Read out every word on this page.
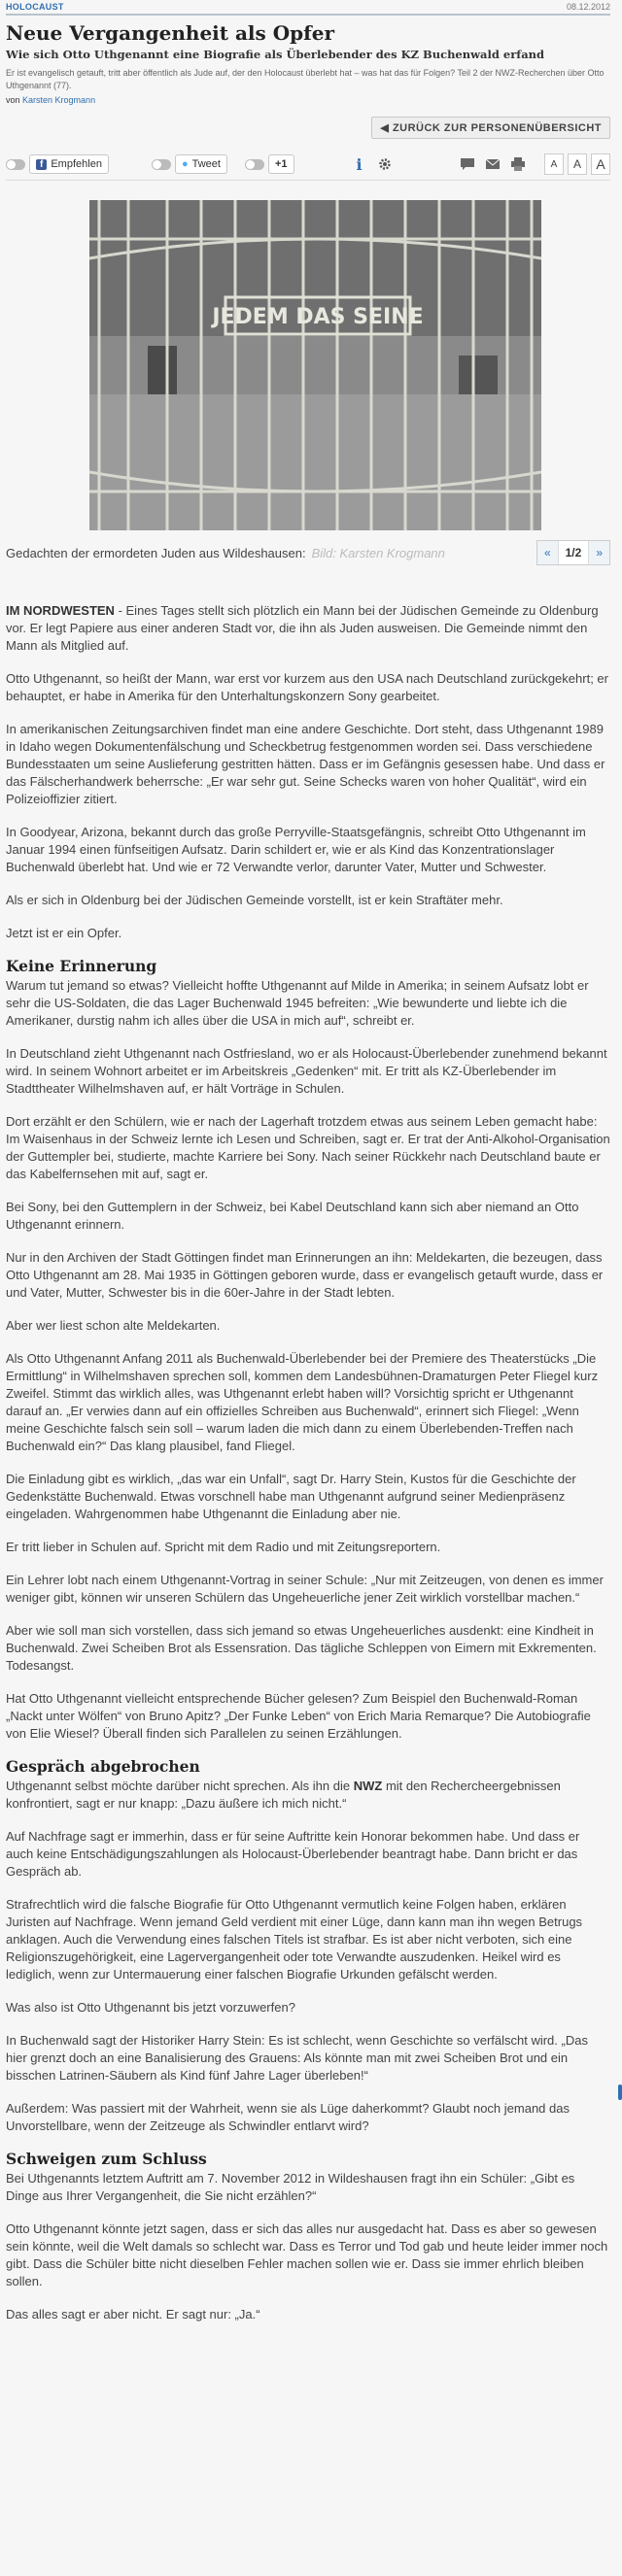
HOLOCAUST	08.12.2012
Neue Vergangenheit als Opfer
Wie sich Otto Uthgenannt eine Biografie als Überlebender des KZ Buchenwald erfand
Er ist evangelisch getauft, tritt aber öffentlich als Jude auf, der den Holocaust überlebt hat – was hat das für Folgen? Teil 2 der NWZ-Recherchen über Otto Uthgenannt (77).
von Karsten Krogmann
◀ ZURÜCK ZUR PERSONENÜBERSICHT
f Empfehlen	● Tweet	+1	i	A	A	A
JEDEM DAS SEINE
Gedachten der ermordeten Juden aus Wildeshausen: Bild: Karsten Krogmann	«	1/2	»

IM NORDWESTEN - Eines Tages stellt sich plötzlich ein Mann bei der Jüdischen Gemeinde zu Oldenburg vor. Er legt Papiere aus einer anderen Stadt vor, die ihn als Juden ausweisen. Die Gemeinde nimmt den Mann als Mitglied auf.

Otto Uthgenannt, so heißt der Mann, war erst vor kurzem aus den USA nach Deutschland zurückgekehrt; er behauptet, er habe in Amerika für den Unterhaltungskonzern Sony gearbeitet.

In amerikanischen Zeitungsarchiven findet man eine andere Geschichte. Dort steht, dass Uthgenannt 1989 in Idaho wegen Dokumentenfälschung und Scheckbetrug festgenommen worden sei. Dass verschiedene Bundesstaaten um seine Auslieferung gestritten hätten. Dass er im Gefängnis gesessen habe. Und dass er das Fälscherhandwerk beherrsche: „Er war sehr gut. Seine Schecks waren von hoher Qualität“, wird ein Polizeioffizier zitiert.

In Goodyear, Arizona, bekannt durch das große Perryville-Staatsgefängnis, schreibt Otto Uthgenannt im Januar 1994 einen fünfseitigen Aufsatz. Darin schildert er, wie er als Kind das Konzentrationslager Buchenwald überlebt hat. Und wie er 72 Verwandte verlor, darunter Vater, Mutter und Schwester.

Als er sich in Oldenburg bei der Jüdischen Gemeinde vorstellt, ist er kein Straftäter mehr.

Jetzt ist er ein Opfer.

Keine Erinnerung

Warum tut jemand so etwas? Vielleicht hoffte Uthgenannt auf Milde in Amerika; in seinem Aufsatz lobt er sehr die US-Soldaten, die das Lager Buchenwald 1945 befreiten: „Wie bewunderte und liebte ich die Amerikaner, durstig nahm ich alles über die USA in mich auf“, schreibt er.

In Deutschland zieht Uthgenannt nach Ostfriesland, wo er als Holocaust-Überlebender zunehmend bekannt wird. In seinem Wohnort arbeitet er im Arbeitskreis „Gedenken“ mit. Er tritt als KZ-Überlebender im Stadttheater Wilhelmshaven auf, er hält Vorträge in Schulen.

Dort erzählt er den Schülern, wie er nach der Lagerhaft trotzdem etwas aus seinem Leben gemacht habe: Im Waisenhaus in der Schweiz lernte ich Lesen und Schreiben, sagt er. Er trat der Anti-Alkohol-Organisation der Guttempler bei, studierte, machte Karriere bei Sony. Nach seiner Rückkehr nach Deutschland baute er das Kabelfernsehen mit auf, sagt er.

Bei Sony, bei den Guttemplern in der Schweiz, bei Kabel Deutschland kann sich aber niemand an Otto Uthgenannt erinnern.

Nur in den Archiven der Stadt Göttingen findet man Erinnerungen an ihn: Meldekarten, die bezeugen, dass Otto Uthgenannt am 28. Mai 1935 in Göttingen geboren wurde, dass er evangelisch getauft wurde, dass er und Vater, Mutter, Schwester bis in die 60er-Jahre in der Stadt lebten.

Aber wer liest schon alte Meldekarten.

Als Otto Uthgenannt Anfang 2011 als Buchenwald-Überlebender bei der Premiere des Theaterstücks „Die Ermittlung“ in Wilhelmshaven sprechen soll, kommen dem Landesbühnen-Dramaturgen Peter Fliegel kurz Zweifel. Stimmt das wirklich alles, was Uthgenannt erlebt haben will? Vorsichtig spricht er Uthgenannt darauf an. „Er verwies dann auf ein offizielles Schreiben aus Buchenwald“, erinnert sich Fliegel: „Wenn meine Geschichte falsch sein soll – warum laden die mich dann zu einem Überlebenden-Treffen nach Buchenwald ein?“ Das klang plausibel, fand Fliegel.

Die Einladung gibt es wirklich, „das war ein Unfall“, sagt Dr. Harry Stein, Kustos für die Geschichte der Gedenkstätte Buchenwald. Etwas vorschnell habe man Uthgenannt aufgrund seiner Medienpräsenz eingeladen. Wahrgenommen habe Uthgenannt die Einladung aber nie.

Er tritt lieber in Schulen auf. Spricht mit dem Radio und mit Zeitungsreportern.

Ein Lehrer lobt nach einem Uthgenannt-Vortrag in seiner Schule: „Nur mit Zeitzeugen, von denen es immer weniger gibt, können wir unseren Schülern das Ungeheuerliche jener Zeit wirklich vorstellbar machen.“

Aber wie soll man sich vorstellen, dass sich jemand so etwas Ungeheuerliches ausdenkt: eine Kindheit in Buchenwald. Zwei Scheiben Brot als Essensration. Das tägliche Schleppen von Eimern mit Exkrementen. Todesangst.

Hat Otto Uthgenannt vielleicht entsprechende Bücher gelesen? Zum Beispiel den Buchenwald-Roman „Nackt unter Wölfen“ von Bruno Apitz? „Der Funke Leben“ von Erich Maria Remarque? Die Autobiografie von Elie Wiesel? Überall finden sich Parallelen zu seinen Erzählungen.

Gespräch abgebrochen

Uthgenannt selbst möchte darüber nicht sprechen. Als ihn die NWZ mit den Rechercheergebnissen konfrontiert, sagt er nur knapp: „Dazu äußere ich mich nicht.“

Auf Nachfrage sagt er immerhin, dass er für seine Auftritte kein Honorar bekommen habe. Und dass er auch keine Entschädigungszahlungen als Holocaust-Überlebender beantragt habe. Dann bricht er das Gespräch ab.

Strafrechtlich wird die falsche Biografie für Otto Uthgenannt vermutlich keine Folgen haben, erklären Juristen auf Nachfrage. Wenn jemand Geld verdient mit einer Lüge, dann kann man ihn wegen Betrugs anklagen. Auch die Verwendung eines falschen Titels ist strafbar. Es ist aber nicht verboten, sich eine Religionszugehörigkeit, eine Lagervergangenheit oder tote Verwandte auszudenken. Heikel wird es lediglich, wenn zur Untermauerung einer falschen Biografie Urkunden gefälscht werden.

Was also ist Otto Uthgenannt bis jetzt vorzuwerfen?

In Buchenwald sagt der Historiker Harry Stein: Es ist schlecht, wenn Geschichte so verfälscht wird. „Das hier grenzt doch an eine Banalisierung des Grauens: Als könnte man mit zwei Scheiben Brot und ein bisschen Latrinen-Säubern als Kind fünf Jahre Lager überleben!“

Außerdem: Was passiert mit der Wahrheit, wenn sie als Lüge daherkommt? Glaubt noch jemand das Unvorstellbare, wenn der Zeitzeuge als Schwindler entlarvt wird?

Schweigen zum Schluss

Bei Uthgenannts letztem Auftritt am 7. November 2012 in Wildeshausen fragt ihn ein Schüler: „Gibt es Dinge aus Ihrer Vergangenheit, die Sie nicht erzählen?“

Otto Uthgenannt könnte jetzt sagen, dass er sich das alles nur ausgedacht hat. Dass es aber so gewesen sein könnte, weil die Welt damals so schlecht war. Dass es Terror und Tod gab und heute leider immer noch gibt. Dass die Schüler bitte nicht dieselben Fehler machen sollen wie er. Dass sie immer ehrlich bleiben sollen.

Das alles sagt er aber nicht. Er sagt nur: „Ja.“
